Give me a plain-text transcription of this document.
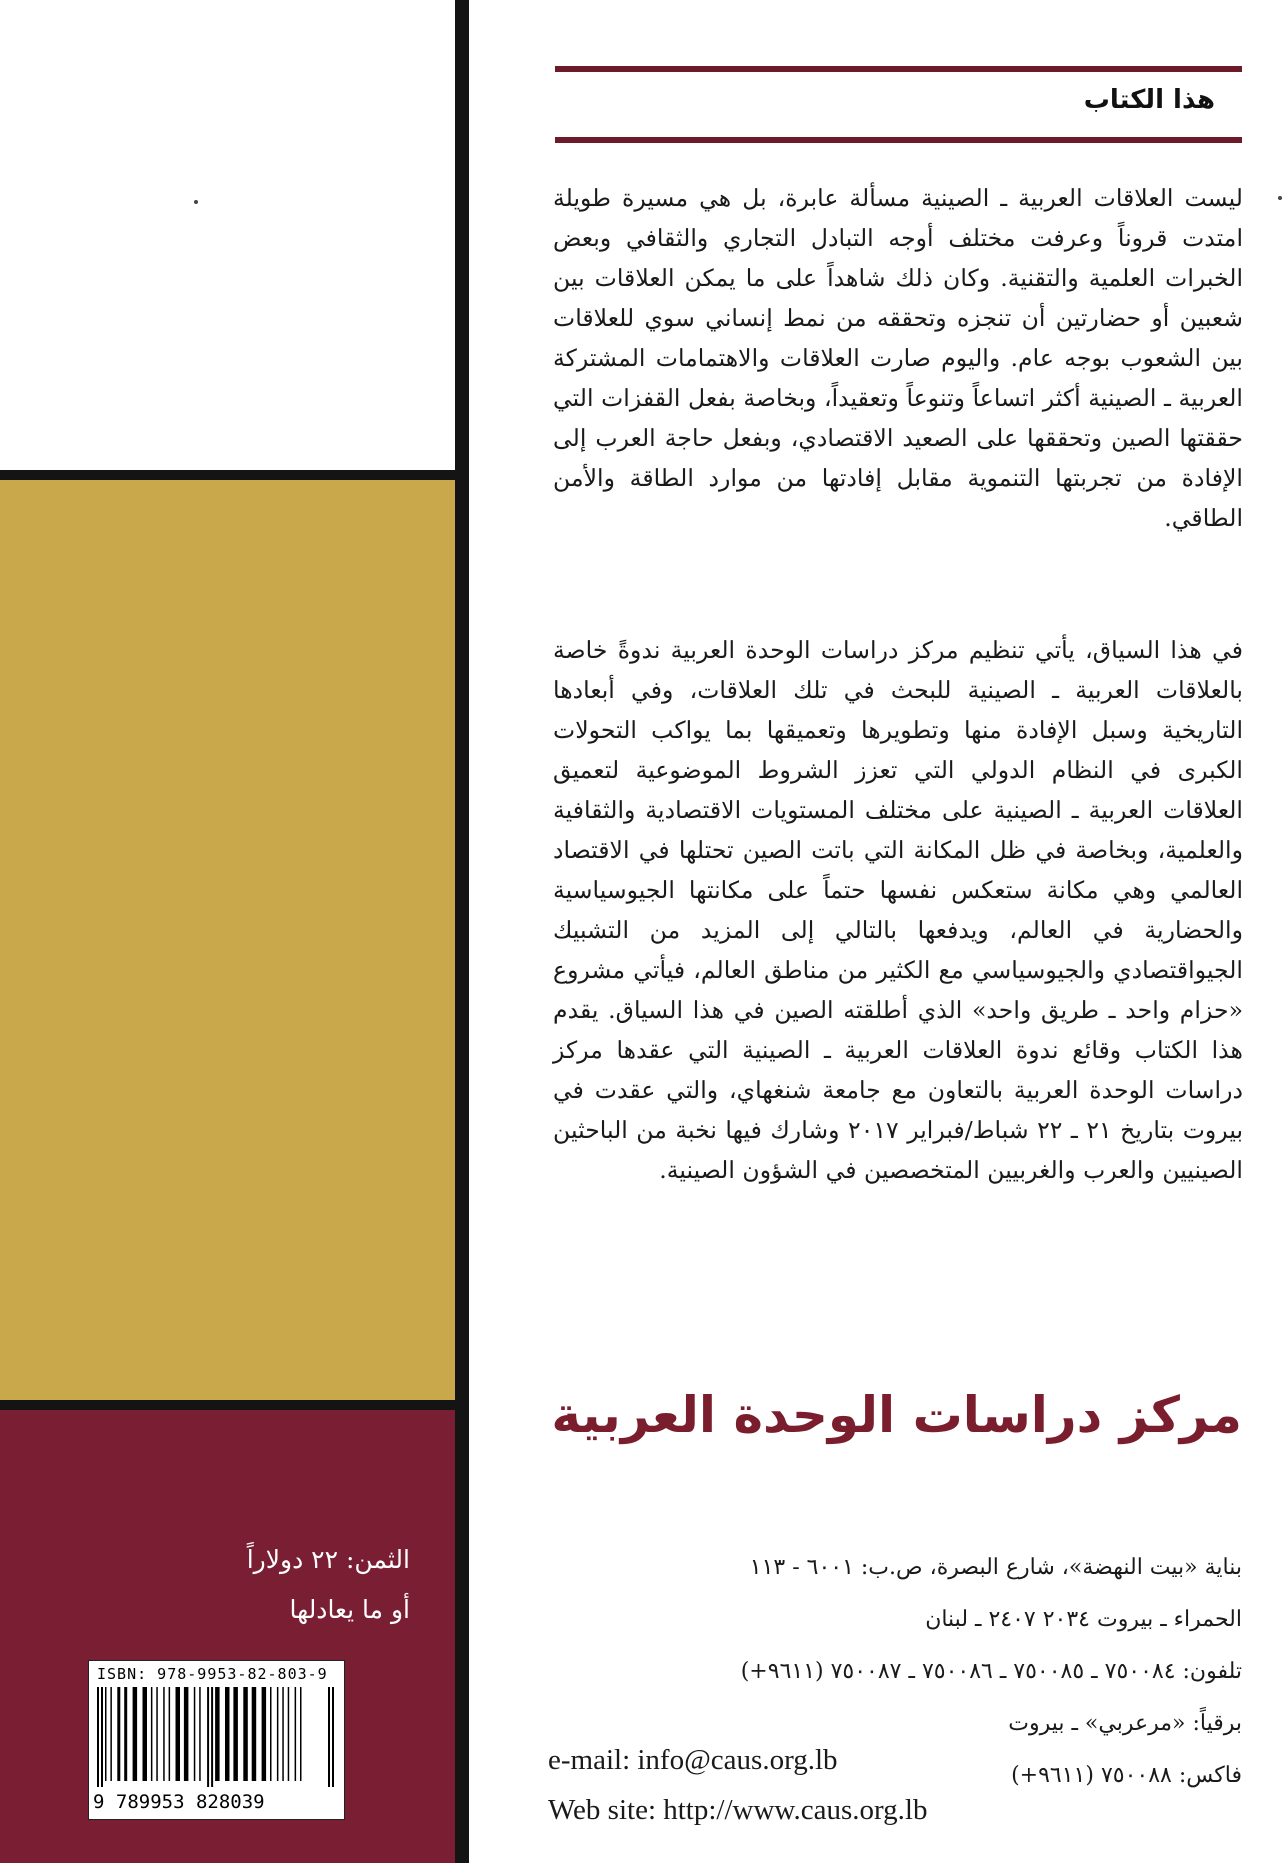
الثمن: ٢٢ دولاراً
أو ما يعادلها
ISBN: 978-9953-82-803-9
9 789953 828039
هذا الكتاب

ليست العلاقات العربية ـ الصينية مسألة عابرة، بل هي مسيرة طويلة امتدت قروناً وعرفت مختلف أوجه التبادل التجاري والثقافي وبعض الخبرات العلمية والتقنية. وكان ذلك شاهداً على ما يمكن العلاقات بين شعبين أو حضارتين أن تنجزه وتحققه من نمط إنساني سوي للعلاقات بين الشعوب بوجه عام. واليوم صارت العلاقات والاهتمامات المشتركة العربية ـ الصينية أكثر اتساعاً وتنوعاً وتعقيداً، وبخاصة بفعل القفزات التي حققتها الصين وتحققها على الصعيد الاقتصادي، وبفعل حاجة العرب إلى الإفادة من تجربتها التنموية مقابل إفادتها من موارد الطاقة والأمن الطاقي.

في هذا السياق، يأتي تنظيم مركز دراسات الوحدة العربية ندوةً خاصة بالعلاقات العربية ـ الصينية للبحث في تلك العلاقات، وفي أبعادها التاريخية وسبل الإفادة منها وتطويرها وتعميقها بما يواكب التحولات الكبرى في النظام الدولي التي تعزز الشروط الموضوعية لتعميق العلاقات العربية ـ الصينية على مختلف المستويات الاقتصادية والثقافية والعلمية، وبخاصة في ظل المكانة التي باتت الصين تحتلها في الاقتصاد العالمي وهي مكانة ستعكس نفسها حتماً على مكانتها الجيوسياسية والحضارية في العالم، ويدفعها بالتالي إلى المزيد من التشبيك الجيواقتصادي والجيوسياسي مع الكثير من مناطق العالم، فيأتي مشروع «حزام واحد ـ طريق واحد» الذي أطلقته الصين في هذا السياق. يقدم هذا الكتاب وقائع ندوة العلاقات العربية ـ الصينية التي عقدها مركز دراسات الوحدة العربية بالتعاون مع جامعة شنغهاي، والتي عقدت في بيروت بتاريخ ٢١ ـ ٢٢ شباط/فبراير ٢٠١٧ وشارك فيها نخبة من الباحثين الصينيين والعرب والغربيين المتخصصين في الشؤون الصينية.

مركز دراسات الوحدة العربية
بناية «بيت النهضة»، شارع البصرة، ص.ب: ٦٠٠١ - ١١٣
الحمراء ـ بيروت ٢٠٣٤ ٢٤٠٧ ـ لبنان
تلفون: ٧٥٠٠٨٤ ـ ٧٥٠٠٨٥ ـ ٧٥٠٠٨٦ ـ ٧٥٠٠٨٧ (٩٦١١+)
برقياً: «مرعربي» ـ بيروت
فاكس: ٧٥٠٠٨٨ (٩٦١١+)
e-mail: info@caus.org.lb
Web site: http://www.caus.org.lb
